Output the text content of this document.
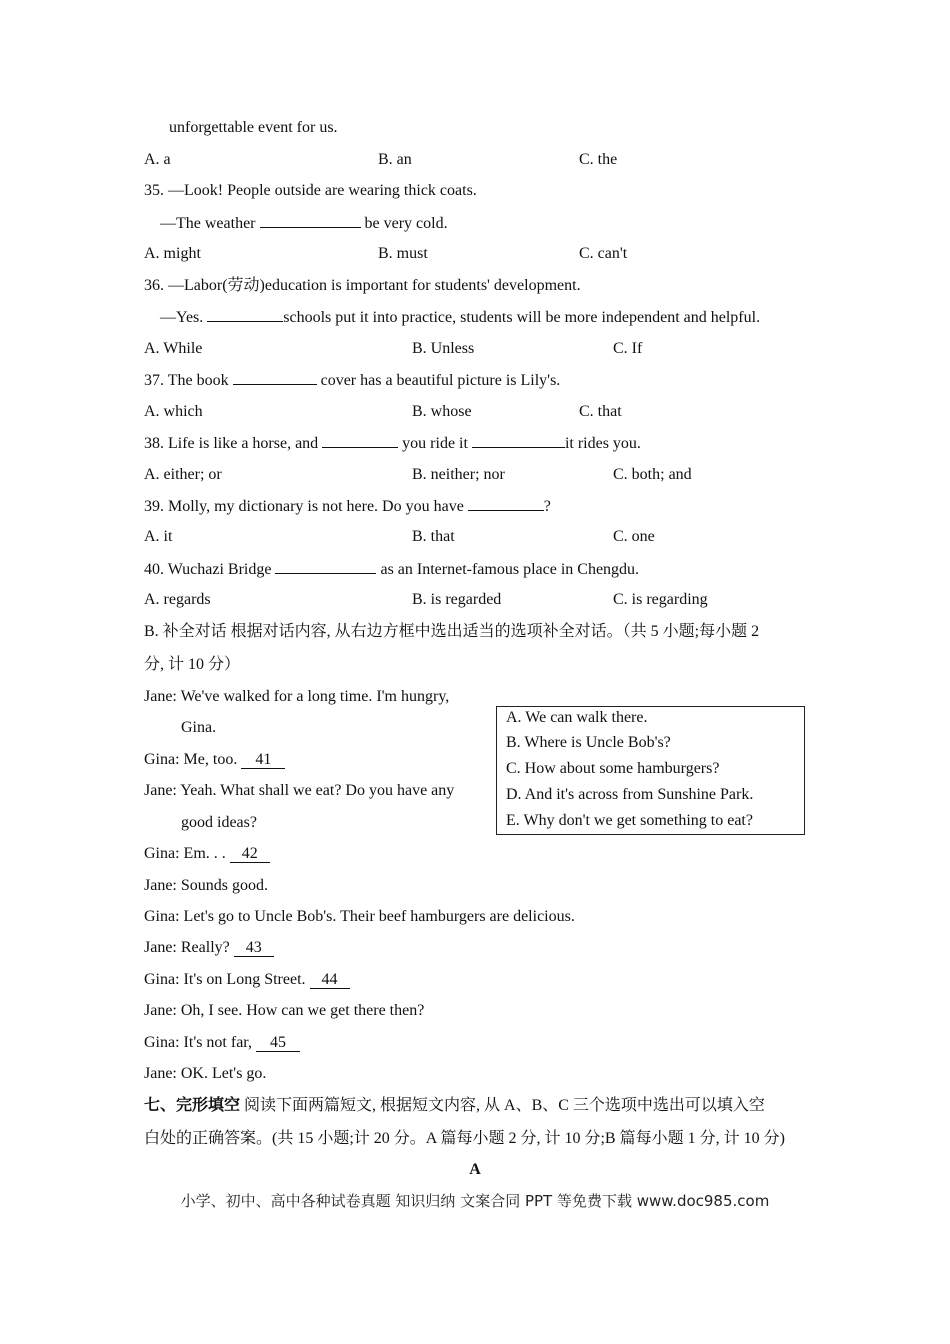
unforgettable event for us.
A. a	B. an	C. the
35. —Look! People outside are wearing thick coats.
—The weather	be very cold.
A. might	B. must	C. can't
36. —Labor(劳动)education is important for students' development.
—Yes.	schools put it into practice, students will be more independent and helpful.
A. While	B. Unless	C. If
37. The book	cover has a beautiful picture is Lily's.
A. which	B. whose	C. that
38. Life is like a horse, and	you ride it	it rides you.
A. either; or	B. neither; nor	C. both; and
39. Molly, my dictionary is not here. Do you have	?
A. it	B. that	C. one
40. Wuchazi Bridge	as an Internet-famous place in Chengdu.
A. regards	B. is regarded	C. is regarding
B. 补全对话 根据对话内容, 从右边方框中选出适当的选项补全对话。（共 5 小题;每小题 2
分, 计 10 分）
Jane: We've walked for a long time. I'm hungry,
Gina.
Gina: Me, too. 41
Jane: Yeah. What shall we eat? Do you have any
good ideas?
Gina: Em. . . 42
Jane: Sounds good.
Gina: Let's go to Uncle Bob's. Their beef hamburgers are delicious.
Jane: Really? 43
Gina: It's on Long Street. 44
Jane: Oh, I see. How can we get there then?
Gina: It's not far, 45
Jane: OK. Let's go.
A. We can walk there.
B. Where is Uncle Bob's?
C. How about some hamburgers?
D. And it's across from Sunshine Park.
E. Why don't we get something to eat?
七、完形填空 阅读下面两篇短文, 根据短文内容, 从 A、B、C 三个选项中选出可以填入空
白处的正确答案。(共 15 小题;计 20 分。A 篇每小题 2 分, 计 10 分;B 篇每小题 1 分, 计 10 分)
A
小学、初中、高中各种试卷真题 知识归纳 文案合同 PPT 等免费下载 www.doc985.com
